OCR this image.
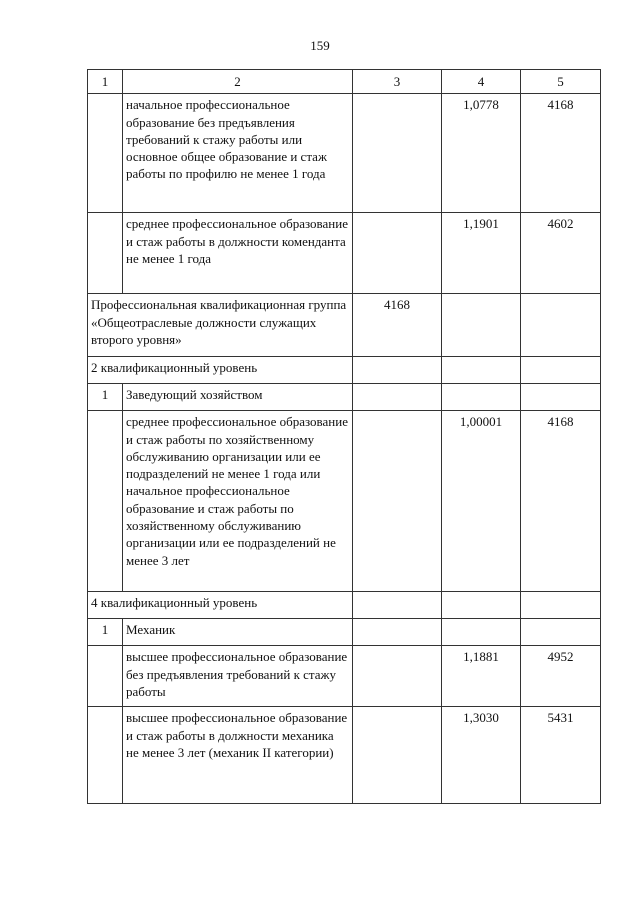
159
1	2	3	4	5
	начальное профессиональное образование без предъявления требований к стажу работы или основное общее образование и стаж работы по профилю не менее 1 года		1,0778	4168
	среднее профессиональное образование и стаж работы в должности коменданта не менее 1 года		1,1901	4602
Профессиональная квалификационная группа «Общеотраслевые должности служащих второго уровня»		4168		
2 квалификационный уровень				
1	Заведующий хозяйством			
	среднее профессиональное образование и стаж работы по хозяйственному обслуживанию организации или ее подразделений не менее 1 года или начальное профессиональное образование и стаж работы по хозяйственному обслуживанию организации или ее подразделений не менее 3 лет		1,00001	4168
4 квалификационный уровень				
1	Механик			
	высшее профессиональное образование без предъявления требований к стажу работы		1,1881	4952
	высшее профессиональное образование и стаж работы в должности механика не менее 3 лет (механик II категории)		1,3030	5431
